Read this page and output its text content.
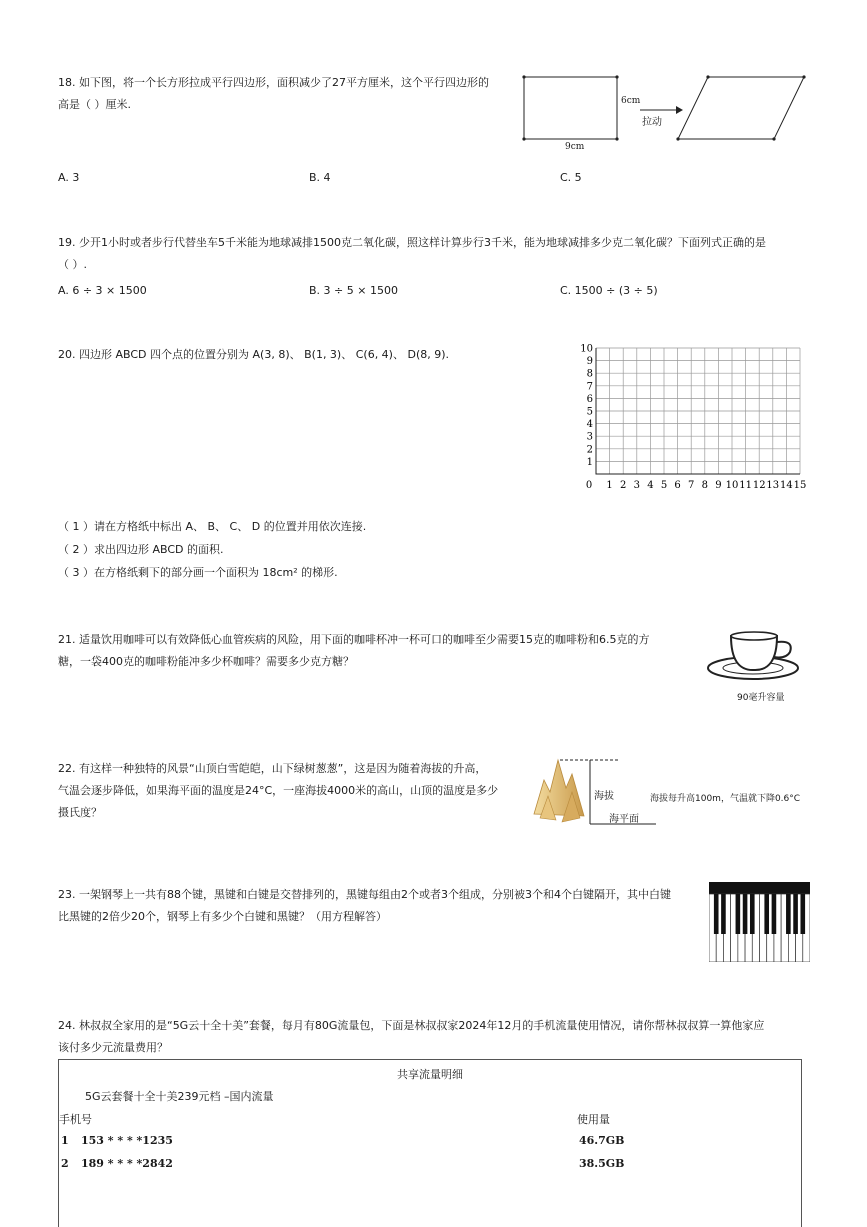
18. 如下图，将一个长方形拉成平行四边形，面积减少了27平方厘米，这个平行四边形的
高是（ ）厘米.	6cm
拉动
9cm
A. 3	B. 4	C. 5
19. 少开1小时或者步行代替坐车5千米能为地球减排1500克二氧化碳，照这样计算步行3千米，能为地球减排多少克二氧化碳？下面列式正确的是
（ ）.
A. 6 ÷ 3 × 1500	B. 3 ÷ 5 × 1500	C. 1500 ÷ (3 ÷ 5)
20. 四边形 ABCD 四个点的位置分别为 A(3, 8)、 B(1, 3)、 C(6, 4)、 D(8, 9).	10
9
8
7
6
5
4
3
2
1
0 1 2 3 4 5 6 7 8 9 10 11 12 13 14 15
（ 1 ）请在方格纸中标出 A、 B、 C、 D 的位置并用依次连接.
（ 2 ）求出四边形 ABCD 的面积.
（ 3 ）在方格纸剩下的部分画一个面积为 18cm² 的梯形.
21. 适量饮用咖啡可以有效降低心血管疾病的风险，用下面的咖啡杯冲一杯可口的咖啡至少需要15克的咖啡粉和6.5克的方
糖，一袋400克的咖啡粉能冲多少杯咖啡？需要多少克方糖？
90毫升容量
22. 有这样一种独特的风景“山顶白雪皑皑，山下绿树葱葱”，这是因为随着海拔的升高，
气温会逐步降低，如果海平面的温度是24°C，一座海拔4000米的高山，山顶的温度是多少
摄氏度？
海拔
海平面
海拔每升高100m，气温就下降0.6°C
23. 一架钢琴上一共有88个键，黑键和白键是交替排列的，黑键每组由2个或者3个组成，分别被3个和4个白键隔开，其中白键
比黑键的2倍少20个，钢琴上有多少个白键和黑键？（用方程解答）
24. 林叔叔全家用的是“5G云十全十美”套餐，每月有80G流量包，下面是林叔叔家2024年12月的手机流量使用情况，请你帮林叔叔算一算他家应
该付多少元流量费用？
共享流量明细
5G云套餐十全十美239元档 –国内流量
手机号	使用量
1 153 * * * *1235	46.7GB
2 189 * * * *2842	38.5GB
